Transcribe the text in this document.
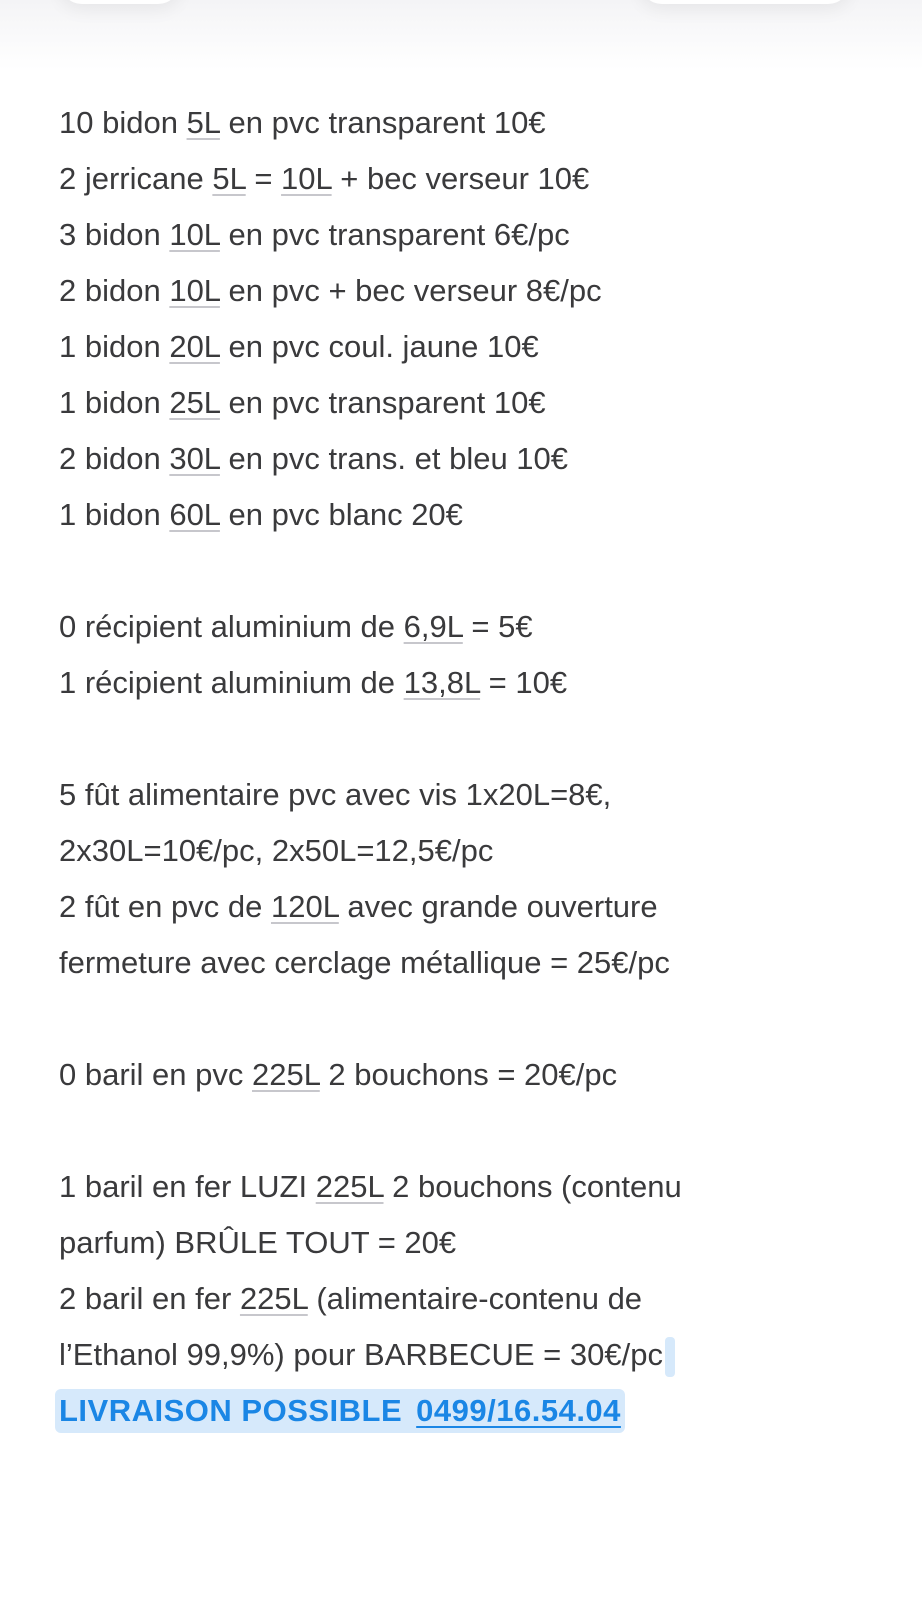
10 bidon 5L en pvc transparent 10€
2 jerricane 5L = 10L + bec verseur 10€
3 bidon 10L en pvc transparent 6€/pc
2 bidon 10L en pvc + bec verseur 8€/pc
1 bidon 20L en pvc coul. jaune 10€
1 bidon 25L en pvc transparent 10€
2 bidon 30L en pvc trans. et bleu 10€
1 bidon 60L en pvc blanc 20€
0 récipient aluminium de 6,9L = 5€
1 récipient aluminium de 13,8L = 10€
5 fût alimentaire pvc avec vis 1x20L=8€,
2x30L=10€/pc, 2x50L=12,5€/pc
2 fût en pvc de 120L avec grande ouverture
fermeture avec cerclage métallique = 25€/pc
0 baril en pvc 225L 2 bouchons = 20€/pc
1 baril en fer LUZI 225L 2 bouchons (contenu
parfum) BRÛLE TOUT = 20€
2 baril en fer 225L (alimentaire-contenu de
l’Ethanol 99,9%) pour BARBECUE = 30€/pc
LIVRAISON POSSIBLE 0499/16.54.04
